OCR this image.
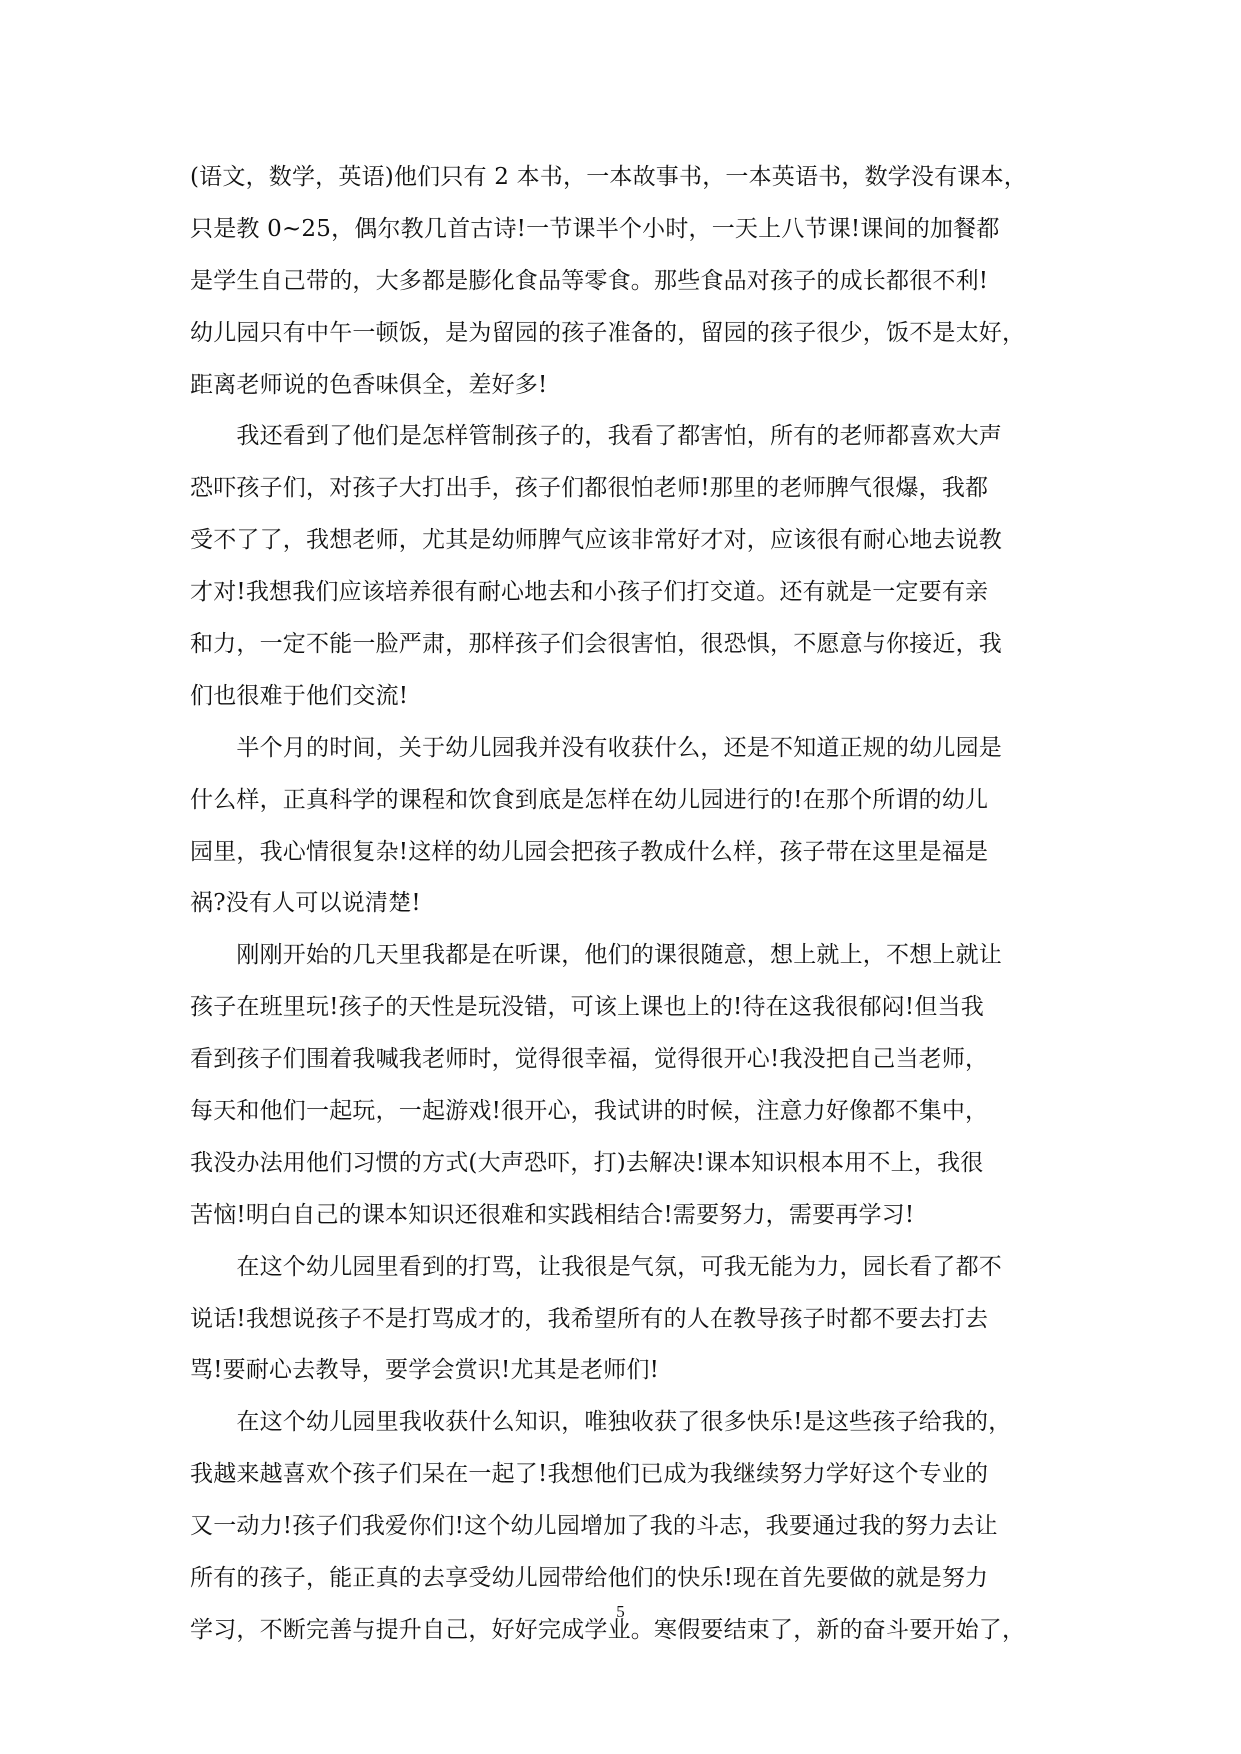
(语文，数学，英语)他们只有 2 本书，一本故事书，一本英语书，数学没有课本，
只是教 0~25，偶尔教几首古诗!一节课半个小时，一天上八节课!课间的加餐都
是学生自己带的，大多都是膨化食品等零食。那些食品对孩子的成长都很不利!
幼儿园只有中午一顿饭，是为留园的孩子准备的，留园的孩子很少，饭不是太好，
距离老师说的色香味俱全，差好多!
　　我还看到了他们是怎样管制孩子的，我看了都害怕，所有的老师都喜欢大声
恐吓孩子们，对孩子大打出手，孩子们都很怕老师!那里的老师脾气很爆，我都
受不了了，我想老师，尤其是幼师脾气应该非常好才对，应该很有耐心地去说教
才对!我想我们应该培养很有耐心地去和小孩子们打交道。还有就是一定要有亲
和力，一定不能一脸严肃，那样孩子们会很害怕，很恐惧，不愿意与你接近，我
们也很难于他们交流!
　　半个月的时间，关于幼儿园我并没有收获什么，还是不知道正规的幼儿园是
什么样，正真科学的课程和饮食到底是怎样在幼儿园进行的!在那个所谓的幼儿
园里，我心情很复杂!这样的幼儿园会把孩子教成什么样，孩子带在这里是福是
祸?没有人可以说清楚!
　　刚刚开始的几天里我都是在听课，他们的课很随意，想上就上，不想上就让
孩子在班里玩!孩子的天性是玩没错，可该上课也上的!待在这我很郁闷!但当我
看到孩子们围着我喊我老师时，觉得很幸福，觉得很开心!我没把自己当老师，
每天和他们一起玩，一起游戏!很开心，我试讲的时候，注意力好像都不集中，
我没办法用他们习惯的方式(大声恐吓，打)去解决!课本知识根本用不上，我很
苦恼!明白自己的课本知识还很难和实践相结合!需要努力，需要再学习!
　　在这个幼儿园里看到的打骂，让我很是气氛，可我无能为力，园长看了都不
说话!我想说孩子不是打骂成才的，我希望所有的人在教导孩子时都不要去打去
骂!要耐心去教导，要学会赏识!尤其是老师们!
　　在这个幼儿园里我收获什么知识，唯独收获了很多快乐!是这些孩子给我的，
我越来越喜欢个孩子们呆在一起了!我想他们已成为我继续努力学好这个专业的
又一动力!孩子们我爱你们!这个幼儿园增加了我的斗志，我要通过我的努力去让
所有的孩子，能正真的去享受幼儿园带给他们的快乐!现在首先要做的就是努力
学习，不断完善与提升自己，好好完成学业。寒假要结束了，新的奋斗要开始了，
5
